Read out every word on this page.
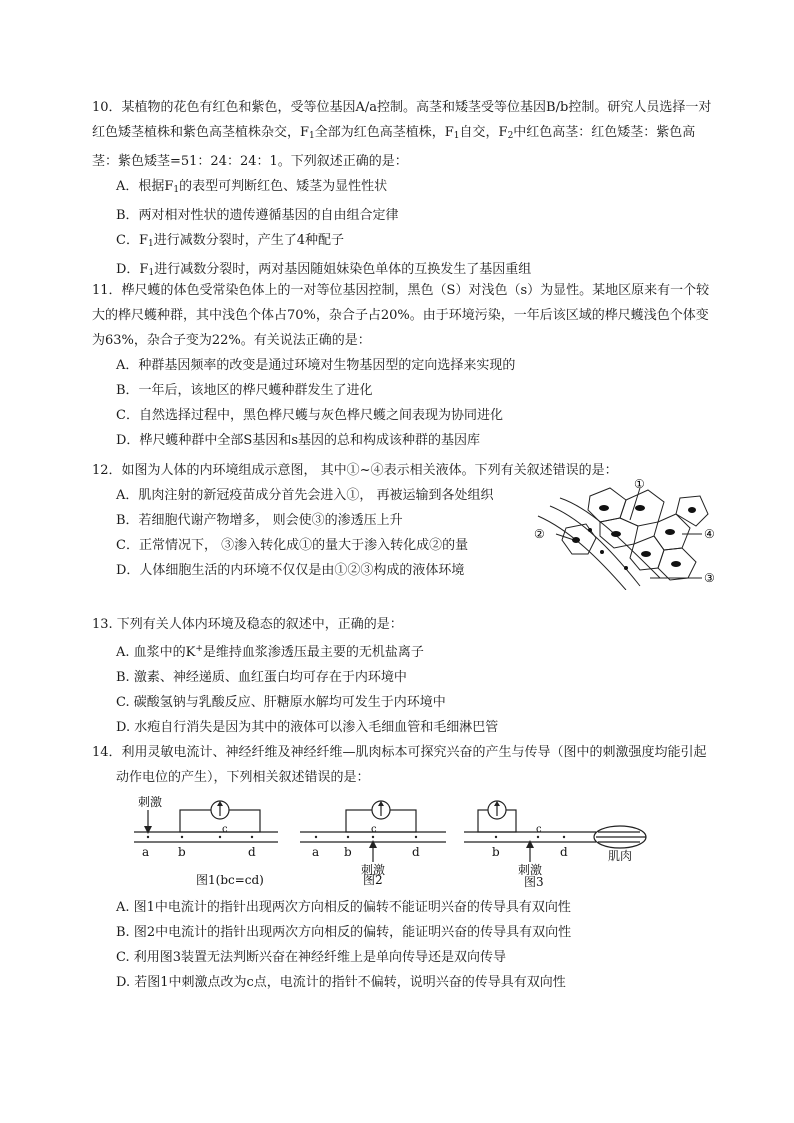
10．某植物的花色有红色和紫色，受等位基因A/a控制。高茎和矮茎受等位基因B/b控制。研究人员选择一对红色矮茎植株和紫色高茎植株杂交，$F_1$全部为红色高茎植株，$F_1$自交，$F_2$中红色高茎：红色矮茎：紫色高茎：紫色矮茎=51：24：24：1。下列叙述正确的是：
A．根据$F_1$的表型可判断红色、矮茎为显性性状
B．两对相对性状的遗传遵循基因的自由组合定律
C．$F_1$进行减数分裂时，产生了4种配子
D．$F_1$进行减数分裂时，两对基因随姐妹染色单体的互换发生了基因重组
11．桦尺蠖的体色受常染色体上的一对等位基因控制，黑色（S）对浅色（s）为显性。某地区原来有一个较大的桦尺蠖种群，其中浅色个体占70%，杂合子占20%。由于环境污染，一年后该区域的桦尺蠖浅色个体变为63%，杂合子变为22%。有关说法正确的是：
A．种群基因频率的改变是通过环境对生物基因型的定向选择来实现的
B．一年后，该地区的桦尺蠖种群发生了进化
C．自然选择过程中，黑色桦尺蠖与灰色桦尺蠖之间表现为协同进化
D．桦尺蠖种群中全部S基因和s基因的总和构成该种群的基因库
12．如图为人体的内环境组成示意图， 其中①~④表示相关液体。下列有关叙述错误的是：
A．肌肉注射的新冠疫苗成分首先会进入①， 再被运输到各处组织
B．若细胞代谢产物增多， 则会使③的渗透压上升
C．正常情况下， ③渗入转化成①的量大于渗入转化成②的量
D．人体细胞生活的内环境不仅仅是由①②③构成的液体环境
①
②	④
③
13. 下列有关人体内环境及稳态的叙述中，正确的是：
A. 血浆中的K+是维持血浆渗透压最主要的无机盐离子
B. 激素、神经递质、血红蛋白均可存在于内环境中
C. 碳酸氢钠与乳酸反应、肝糖原水解均可发生于内环境中
D. 水疱自行消失是因为其中的液体可以渗入毛细血管和毛细淋巴管
14．利用灵敏电流计、神经纤维及神经纤维—肌肉标本可探究兴奋的产生与传导（图中的刺激强度均能引起动作电位的产生），下列相关叙述错误的是：
刺激
a b
c
d
图1(bc=cd)
a b
c
d
刺激
图2
b
c
d
刺激
图3
肌肉
A. 图1中电流计的指针出现两次方向相反的偏转不能证明兴奋的传导具有双向性
B. 图2中电流计的指针出现两次方向相反的偏转，能证明兴奋的传导具有双向性
C. 利用图3装置无法判断兴奋在神经纤维上是单向传导还是双向传导
D. 若图1中刺激点改为c点，电流计的指针不偏转，说明兴奋的传导具有双向性
